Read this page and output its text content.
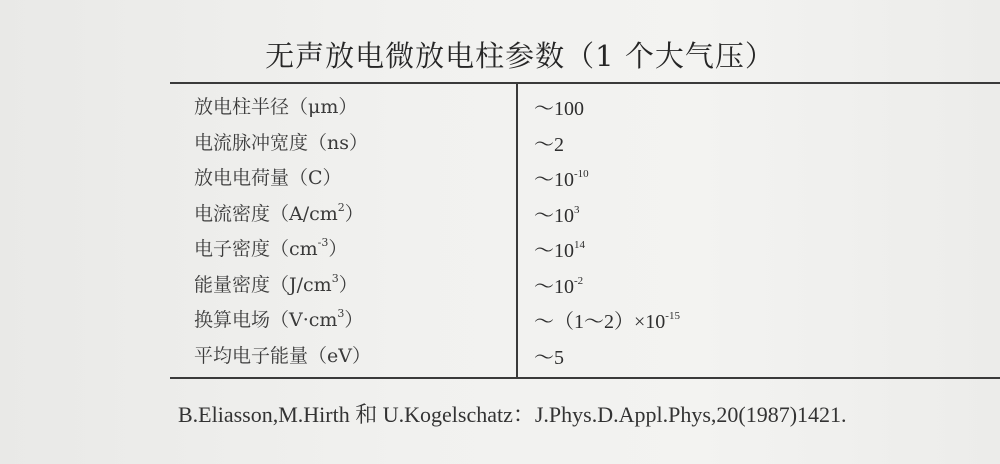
无声放电微放电柱参数（1 个大气压）
放电柱半径（μm）	～100
电流脉冲宽度（ns）	～2
放电电荷量（C）	$\sim 10^{-10}$
电流密度$(A/cm^2)$	$\sim 10^3$
电子密度$(cm^{-3})$	$\sim 10^{14}$
能量密度$(J/cm^3)$	$\sim 10^{-2}$
换算电场$(V\cdot cm^3)$	$\sim(1\sim 2)\times 10^{-15}$
平均电子能量（eV）	～5
B.Eliasson,M.Hirth 和 U.Kogelschatz：J.Phys.D.Appl.Phys,20(1987)1421.
